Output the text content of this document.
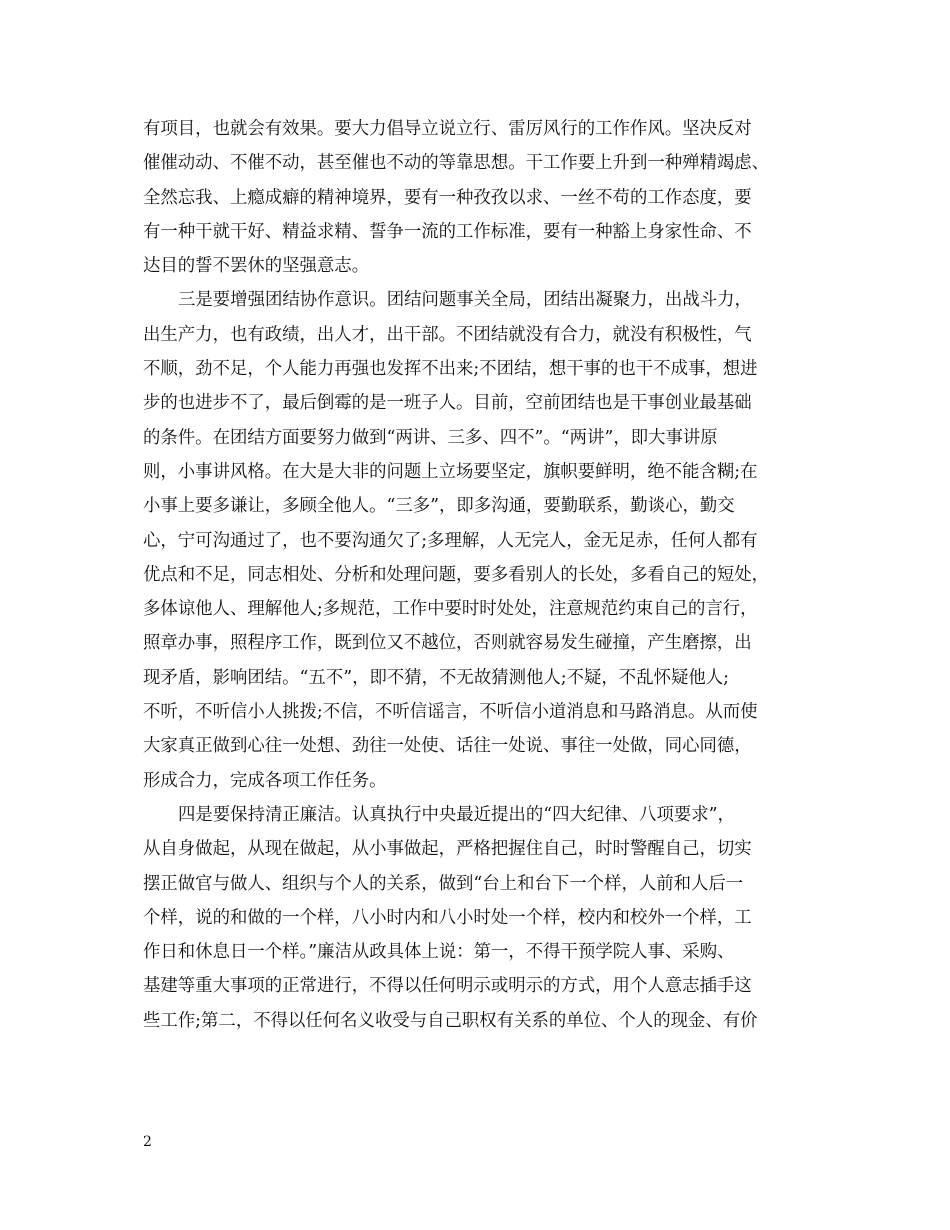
有项目，也就会有效果。要大力倡导立说立行、雷厉风行的工作作风。坚决反对
催催动动、不催不动，甚至催也不动的等靠思想。干工作要上升到一种殚精竭虑、
全然忘我、上瘾成癖的精神境界，要有一种孜孜以求、一丝不苟的工作态度，要
有一种干就干好、精益求精、誓争一流的工作标准，要有一种豁上身家性命、不
达目的誓不罢休的坚强意志。
三是要增强团结协作意识。团结问题事关全局，团结出凝聚力，出战斗力，
出生产力，也有政绩，出人才，出干部。不团结就没有合力，就没有积极性，气
不顺，劲不足，个人能力再强也发挥不出来;不团结，想干事的也干不成事，想进
步的也进步不了，最后倒霉的是一班子人。目前，空前团结也是干事创业最基础
的条件。在团结方面要努力做到“两讲、三多、四不”。“两讲”，即大事讲原
则，小事讲风格。在大是大非的问题上立场要坚定，旗帜要鲜明，绝不能含糊;在
小事上要多谦让，多顾全他人。“三多”，即多沟通，要勤联系，勤谈心，勤交
心，宁可沟通过了，也不要沟通欠了;多理解，人无完人，金无足赤，任何人都有
优点和不足，同志相处、分析和处理问题，要多看别人的长处，多看自己的短处，
多体谅他人、理解他人;多规范，工作中要时时处处，注意规范约束自己的言行，
照章办事，照程序工作，既到位又不越位，否则就容易发生碰撞，产生磨擦，出
现矛盾，影响团结。“五不”，即不猜，不无故猜测他人;不疑，不乱怀疑他人;
不听，不听信小人挑拨;不信，不听信谣言，不听信小道消息和马路消息。从而使
大家真正做到心往一处想、劲往一处使、话往一处说、事往一处做，同心同德，
形成合力，完成各项工作任务。
四是要保持清正廉洁。认真执行中央最近提出的“四大纪律、八项要求”，
从自身做起，从现在做起，从小事做起，严格把握住自己，时时警醒自己，切实
摆正做官与做人、组织与个人的关系，做到“台上和台下一个样，人前和人后一
个样，说的和做的一个样，八小时内和八小时处一个样，校内和校外一个样，工
作日和休息日一个样。”廉洁从政具体上说：第一，不得干预学院人事、采购、
基建等重大事项的正常进行，不得以任何明示或明示的方式，用个人意志插手这
些工作;第二，不得以任何名义收受与自己职权有关系的单位、个人的现金、有价
2
